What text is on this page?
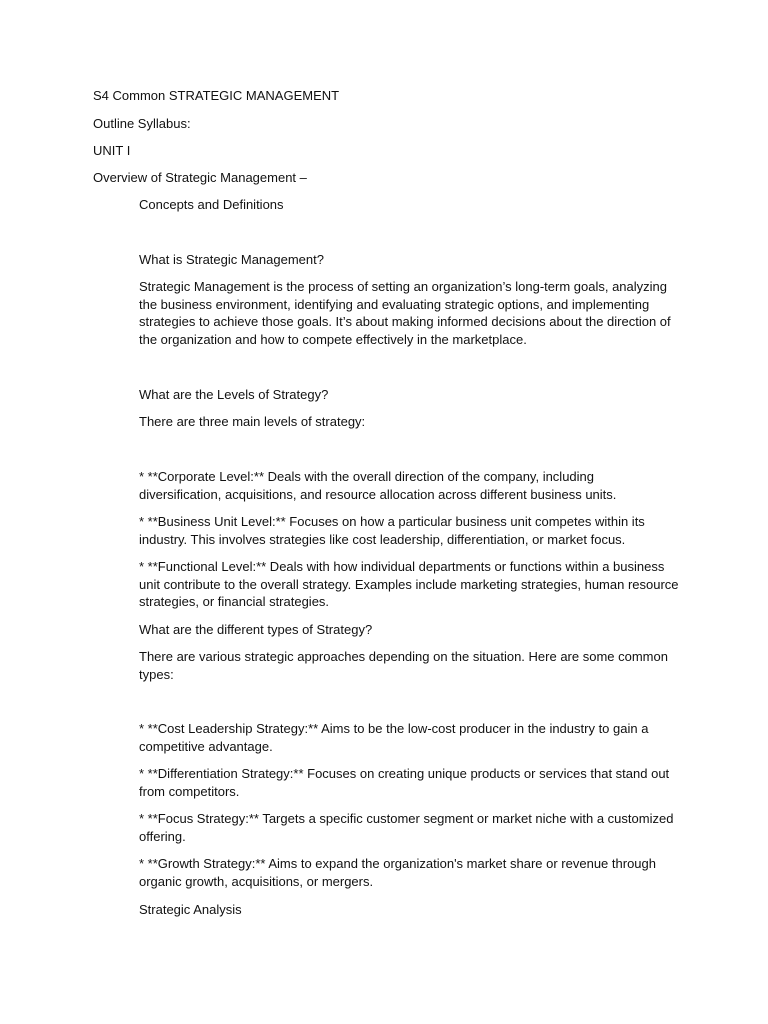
S4 Common STRATEGIC MANAGEMENT
Outline Syllabus:
UNIT I
Overview of Strategic Management –
Concepts and Definitions
What is Strategic Management?
Strategic Management is the process of setting an organization’s long-term goals, analyzing the business environment, identifying and evaluating strategic options, and implementing strategies to achieve those goals. It’s about making informed decisions about the direction of the organization and how to compete effectively in the marketplace.
What are the Levels of Strategy?
There are three main levels of strategy:
* **Corporate Level:** Deals with the overall direction of the company, including diversification, acquisitions, and resource allocation across different business units.
* **Business Unit Level:** Focuses on how a particular business unit competes within its industry. This involves strategies like cost leadership, differentiation, or market focus.
* **Functional Level:** Deals with how individual departments or functions within a business unit contribute to the overall strategy. Examples include marketing strategies, human resource strategies, or financial strategies.
What are the different types of Strategy?
There are various strategic approaches depending on the situation. Here are some common types:
* **Cost Leadership Strategy:** Aims to be the low-cost producer in the industry to gain a competitive advantage.
* **Differentiation Strategy:** Focuses on creating unique products or services that stand out from competitors.
* **Focus Strategy:** Targets a specific customer segment or market niche with a customized offering.
* **Growth Strategy:** Aims to expand the organization's market share or revenue through organic growth, acquisitions, or mergers.
Strategic Analysis
